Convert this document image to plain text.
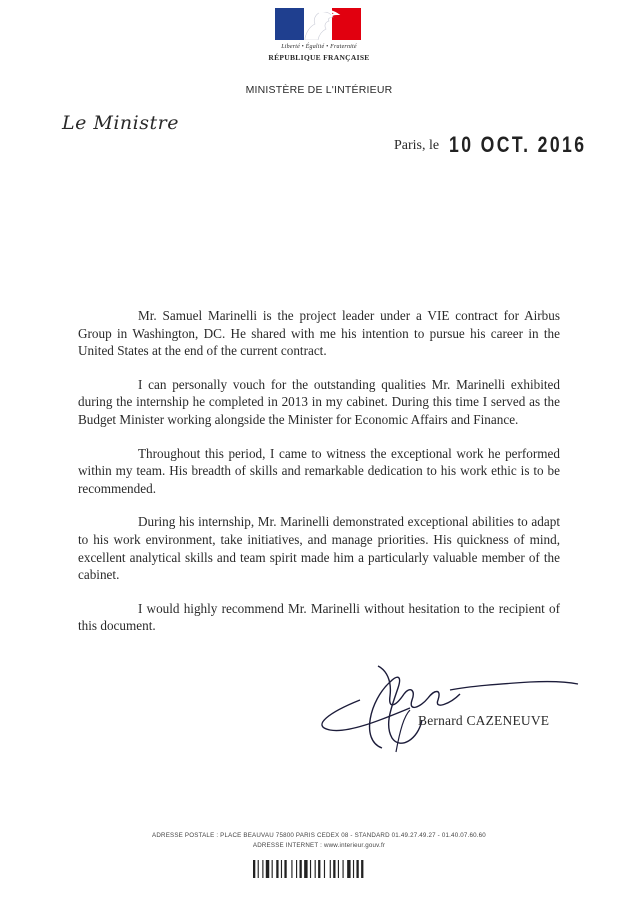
Liberté • Égalité • Fraternité
RÉPUBLIQUE FRANÇAISE
MINISTÈRE DE L'INTÉRIEUR
Le Ministre
Paris, le 10 OCT. 2016

Mr. Samuel Marinelli is the project leader under a VIE contract for Airbus Group in Washington, DC. He shared with me his intention to pursue his career in the United States at the end of the current contract.

I can personally vouch for the outstanding qualities Mr. Marinelli exhibited during the internship he completed in 2013 in my cabinet. During this time I served as the Budget Minister working alongside the Minister for Economic Affairs and Finance.

Throughout this period, I came to witness the exceptional work he performed within my team. His breadth of skills and remarkable dedication to his work ethic is to be recommended.

During his internship, Mr. Marinelli demonstrated exceptional abilities to adapt to his work environment, take initiatives, and manage priorities. His quickness of mind, excellent analytical skills and team spirit made him a particularly valuable member of the cabinet.

I would highly recommend Mr. Marinelli without hesitation to the recipient of this document.

Bernard CAZENEUVE
ADRESSE POSTALE : PLACE BEAUVAU 75800 PARIS CEDEX 08 - STANDARD 01.49.27.49.27 - 01.40.07.60.60
ADRESSE INTERNET : www.interieur.gouv.fr
